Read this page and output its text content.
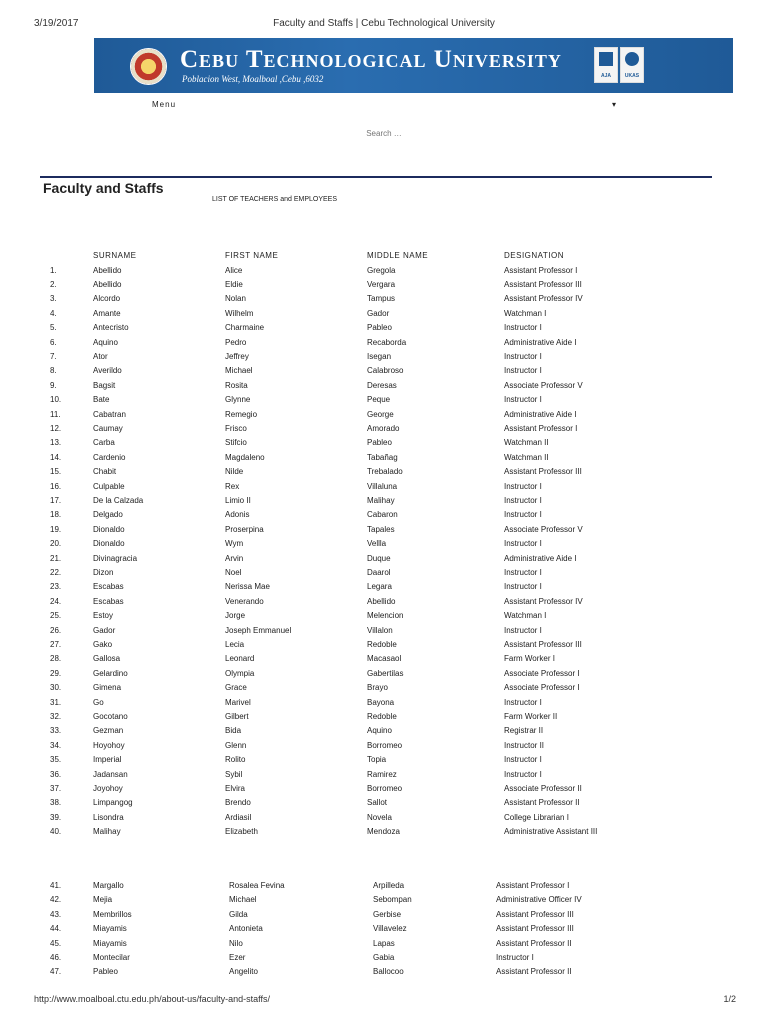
3/19/2017	Faculty and Staffs | Cebu Technological University
Cebu Technological University
Poblacion West, Moalboal ,Cebu ,6032	AJA	UKAS
Menu	▾
Search …
Faculty and Staffs
LIST OF TEACHERS and EMPLOYEES
SURNAME	FIRST NAME	MIDDLE NAME	DESIGNATION
1.	Abellido	Alice	Gregola	Assistant Professor I
2.	Abellido	Eldie	Vergara	Assistant Professor III
3.	Alcordo	Nolan	Tampus	Assistant Professor IV
4.	Amante	Wilhelm	Gador	Watchman I
5.	Antecristo	Charmaine	Pableo	Instructor I
6.	Aquino	Pedro	Recaborda	Administrative Aide I
7.	Ator	Jeffrey	Isegan	Instructor I
8.	Averildo	Michael	Calabroso	Instructor I
9.	Bagsit	Rosita	Deresas	Associate Professor V
10.	Bate	Glynne	Peque	Instructor I
11.	Cabatran	Remegio	George	Administrative Aide I
12.	Caumay	Frisco	Amorado	Assistant Professor I
13.	Carba	Stifcio	Pableo	Watchman II
14.	Cardenio	Magdaleno	Tabañag	Watchman II
15.	Chabit	Nilde	Trebalado	Assistant Professor III
16.	Culpable	Rex	Villaluna	Instructor I
17.	De la Calzada	Limio II	Malihay	Instructor I
18.	Delgado	Adonis	Cabaron	Instructor I
19.	Dionaldo	Proserpina	Tapales	Associate Professor V
20.	Dionaldo	Wym	Vellla	Instructor I
21.	Divinagracia	Arvin	Duque	Administrative Aide I
22.	Dizon	Noel	Daarol	Instructor I
23.	Escabas	Nerissa Mae	Legara	Instructor I
24.	Escabas	Venerando	Abellido	Assistant Professor IV
25.	Estoy	Jorge	Melencion	Watchman I
26.	Gador	Joseph Emmanuel	Villalon	Instructor I
27.	Gako	Lecia	Redoble	Assistant Professor III
28.	Gallosa	Leonard	Macasaol	Farm Worker I
29.	Gelardino	Olympia	Gabertilas	Associate Professor I
30.	Gimena	Grace	Brayo	Associate Professor I
31.	Go	Marivel	Bayona	Instructor I
32.	Gocotano	Gilbert	Redoble	Farm Worker II
33.	Gezman	Bida	Aquino	Registrar II
34.	Hoyohoy	Glenn	Borromeo	Instructor II
35.	Imperial	Rolito	Topia	Instructor I
36.	Jadansan	Sybil	Ramirez	Instructor I
37.	Joyohoy	Elvira	Borromeo	Associate Professor II
38.	Limpangog	Brendo	Sallot	Assistant Professor II
39.	Lisondra	Ardiasil	Novela	College Librarian I
40.	Malihay	Elizabeth	Mendoza	Administrative Assistant III
41.	Margallo	Rosalea Fevina	Arpilleda	Assistant Professor I
42.	Mejia	Michael	Sebompan	Administrative Officer IV
43.	Membrillos	Gilda	Gerbise	Assistant Professor III
44.	Miayamis	Antonieta	Villavelez	Assistant Professor III
45.	Miayamis	Nilo	Lapas	Assistant Professor II
46.	Montecilar	Ezer	Gabia	Instructor I
47.	Pableo	Angelito	Ballocoo	Assistant Professor II
http://www.moalboal.ctu.edu.ph/about-us/faculty-and-staffs/	1/2
